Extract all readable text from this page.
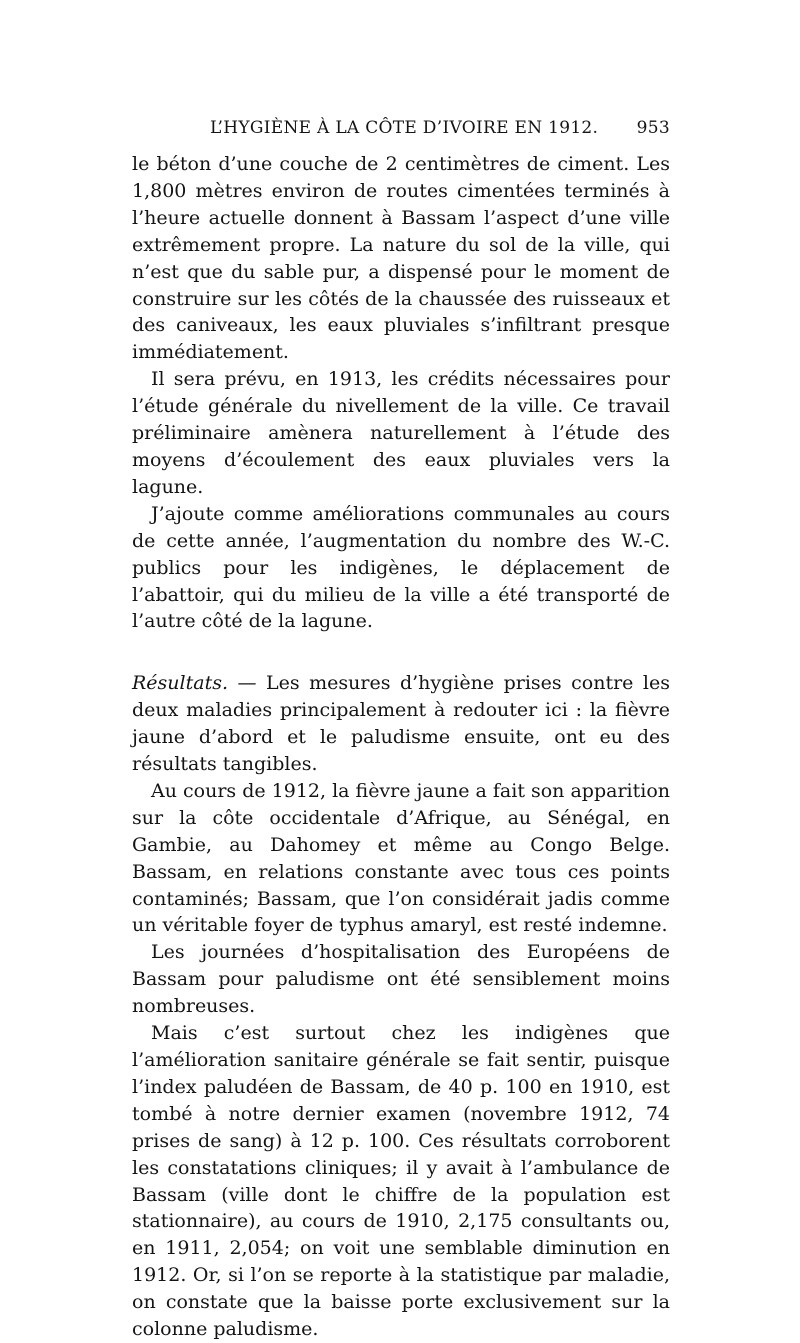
L’HYGIÈNE À LA CÔTE D’IVOIRE EN 1912. 953

le béton d’une couche de 2 centimètres de ciment. Les 1,800 mètres environ de routes cimentées terminés à l’heure actuelle donnent à Bassam l’aspect d’une ville extrêmement propre. La nature du sol de la ville, qui n’est que du sable pur, a dispensé pour le moment de construire sur les côtés de la chaussée des ruisseaux et des caniveaux, les eaux pluviales s’infiltrant presque immédiatement.

Il sera prévu, en 1913, les crédits nécessaires pour l’étude générale du nivellement de la ville. Ce travail préliminaire amènera naturellement à l’étude des moyens d’écoulement des eaux pluviales vers la lagune.

J’ajoute comme améliorations communales au cours de cette année, l’augmentation du nombre des W.-C. publics pour les indigènes, le déplacement de l’abattoir, qui du milieu de la ville a été transporté de l’autre côté de la lagune.

Résultats. — Les mesures d’hygiène prises contre les deux maladies principalement à redouter ici : la fièvre jaune d’abord et le paludisme ensuite, ont eu des résultats tangibles.

Au cours de 1912, la fièvre jaune a fait son apparition sur la côte occidentale d’Afrique, au Sénégal, en Gambie, au Dahomey et même au Congo Belge. Bassam, en relations constante avec tous ces points contaminés; Bassam, que l’on considérait jadis comme un véritable foyer de typhus amaryl, est resté indemne.

Les journées d’hospitalisation des Européens de Bassam pour paludisme ont été sensiblement moins nombreuses.

Mais c’est surtout chez les indigènes que l’amélioration sanitaire générale se fait sentir, puisque l’index paludéen de Bassam, de 40 p. 100 en 1910, est tombé à notre dernier examen (novembre 1912, 74 prises de sang) à 12 p. 100. Ces résultats corroborent les constatations cliniques; il y avait à l’ambulance de Bassam (ville dont le chiffre de la population est stationnaire), au cours de 1910, 2,175 consultants ou, en 1911, 2,054; on voit une semblable diminution en 1912. Or, si l’on se reporte à la statistique par maladie, on constate que la baisse porte exclusivement sur la colonne paludisme.
